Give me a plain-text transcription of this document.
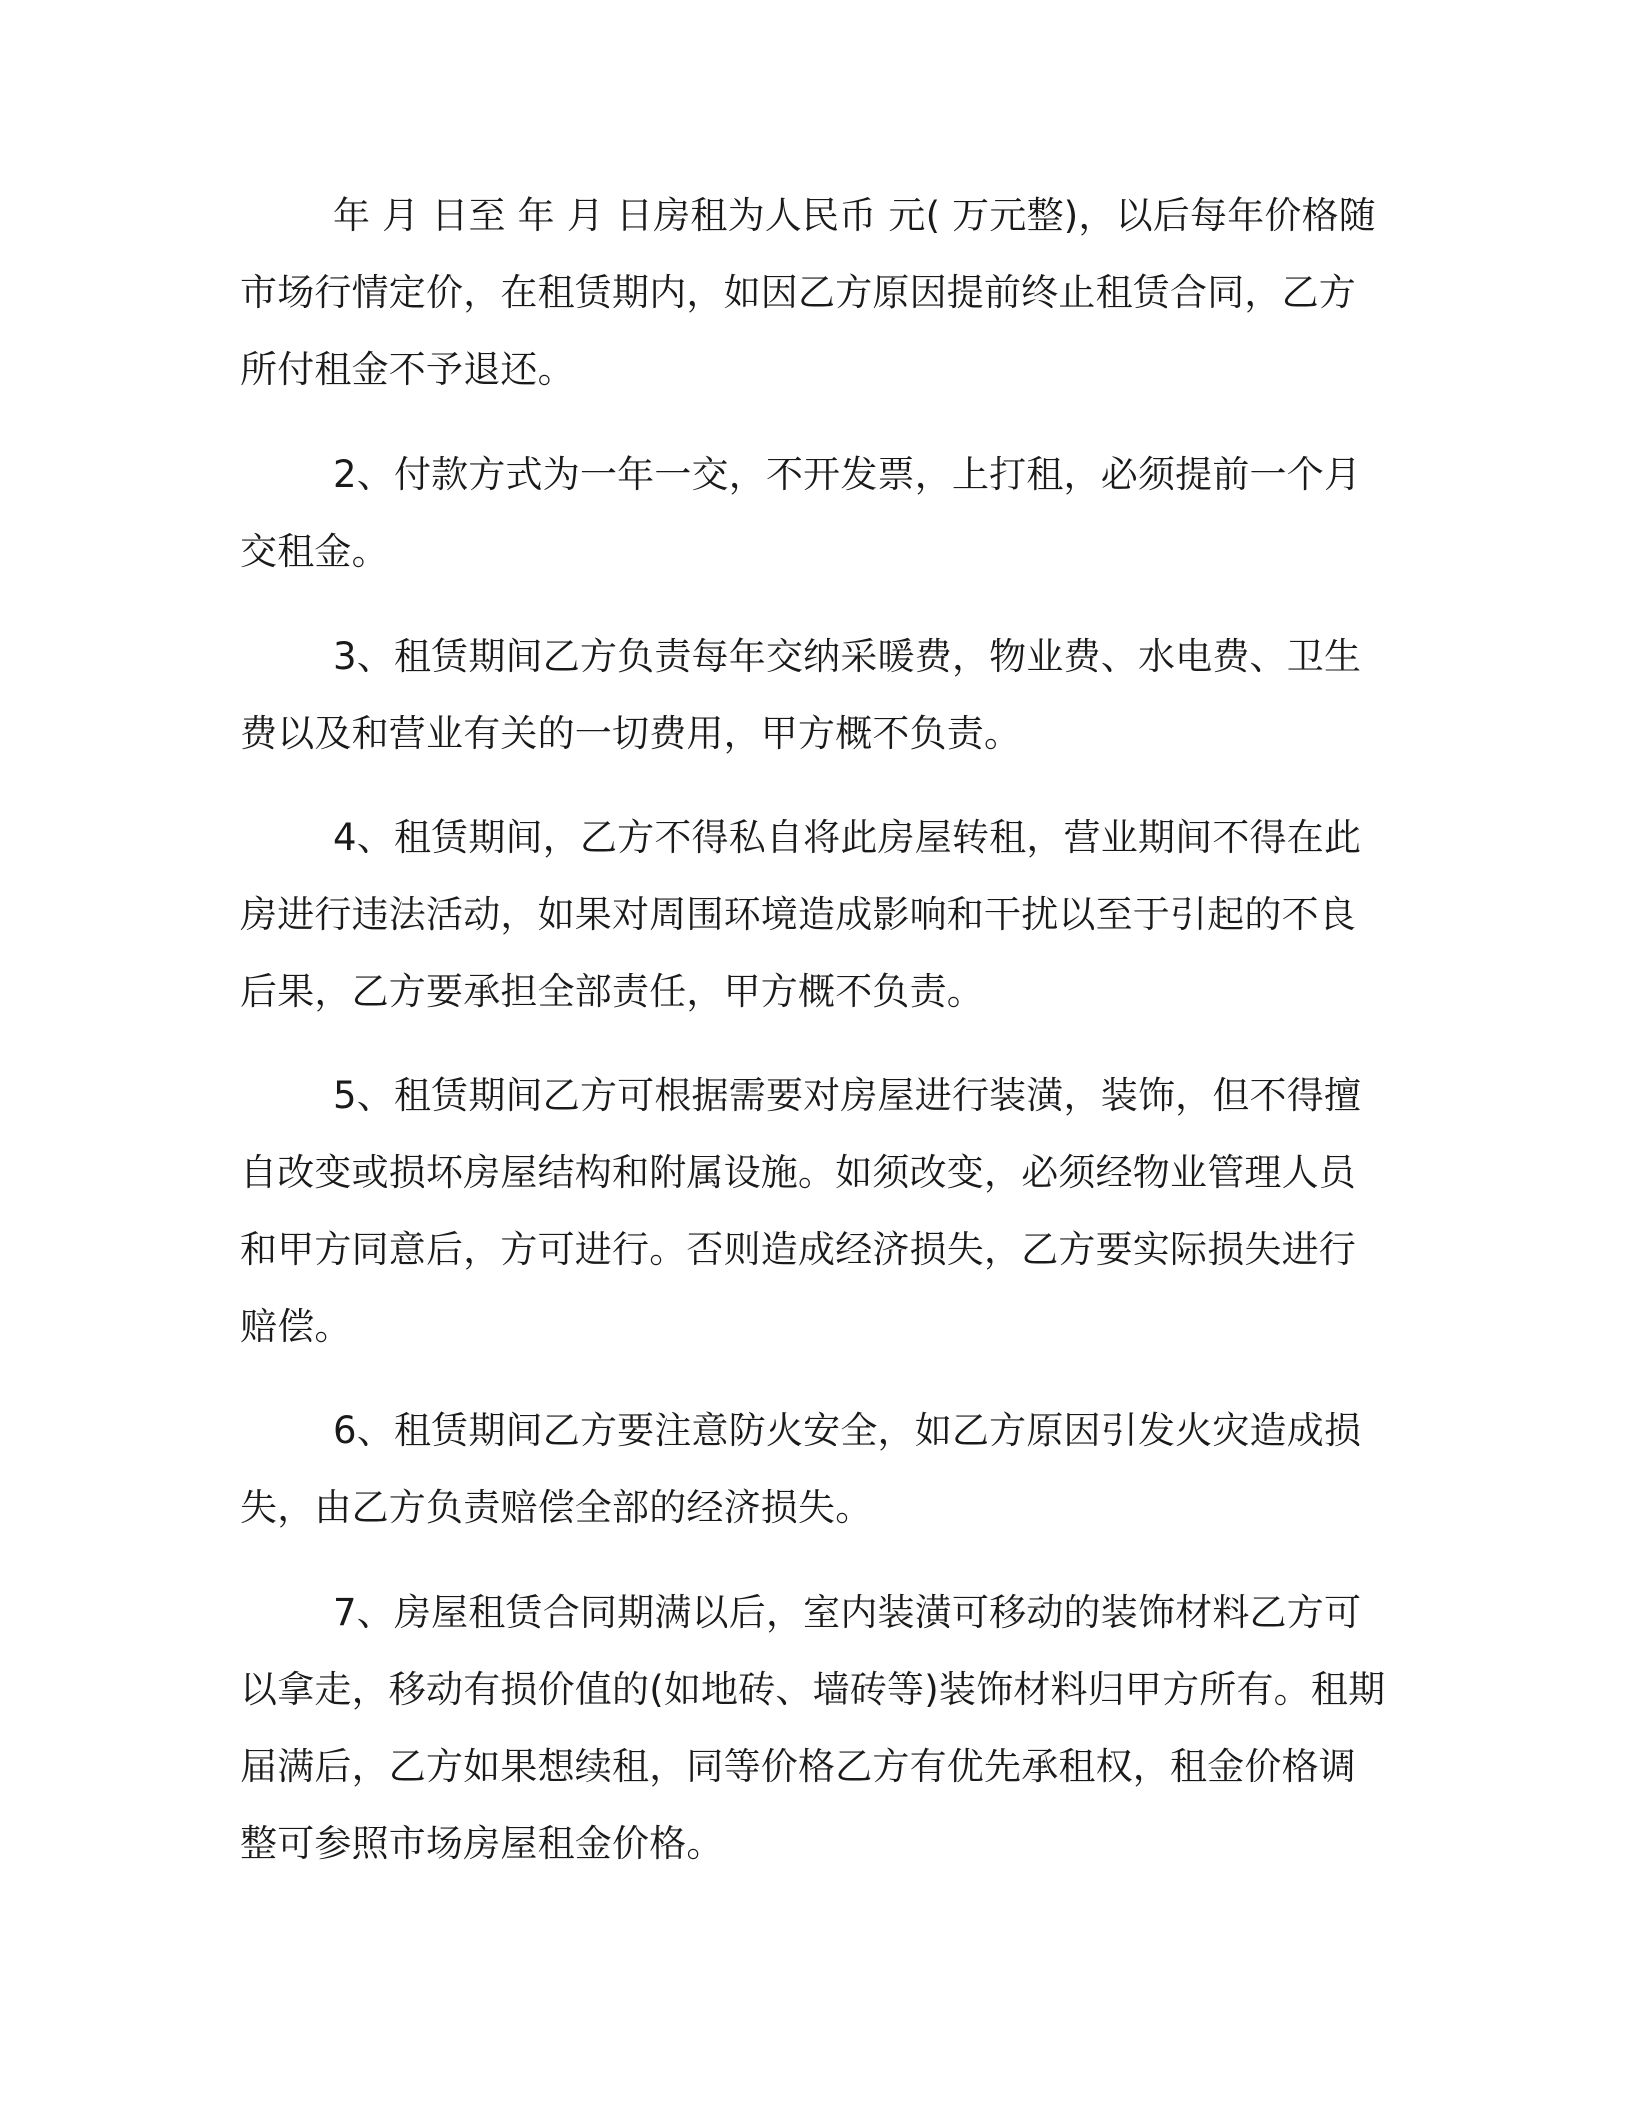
年 月 日至 年 月 日房租为人民币 元( 万元整)，以后每年价格随
市场行情定价，在租赁期内，如因乙方原因提前终止租赁合同，乙方
所付租金不予退还。

2、付款方式为一年一交，不开发票，上打租，必须提前一个月
交租金。

3、租赁期间乙方负责每年交纳采暖费，物业费、水电费、卫生
费以及和营业有关的一切费用，甲方概不负责。

4、租赁期间，乙方不得私自将此房屋转租，营业期间不得在此
房进行违法活动，如果对周围环境造成影响和干扰以至于引起的不良
后果，乙方要承担全部责任，甲方概不负责。

5、租赁期间乙方可根据需要对房屋进行装潢，装饰，但不得擅
自改变或损坏房屋结构和附属设施。如须改变，必须经物业管理人员
和甲方同意后，方可进行。否则造成经济损失，乙方要实际损失进行
赔偿。

6、租赁期间乙方要注意防火安全，如乙方原因引发火灾造成损
失，由乙方负责赔偿全部的经济损失。

7、房屋租赁合同期满以后，室内装潢可移动的装饰材料乙方可
以拿走，移动有损价值的(如地砖、墙砖等)装饰材料归甲方所有。租期
届满后，乙方如果想续租，同等价格乙方有优先承租权，租金价格调
整可参照市场房屋租金价格。
